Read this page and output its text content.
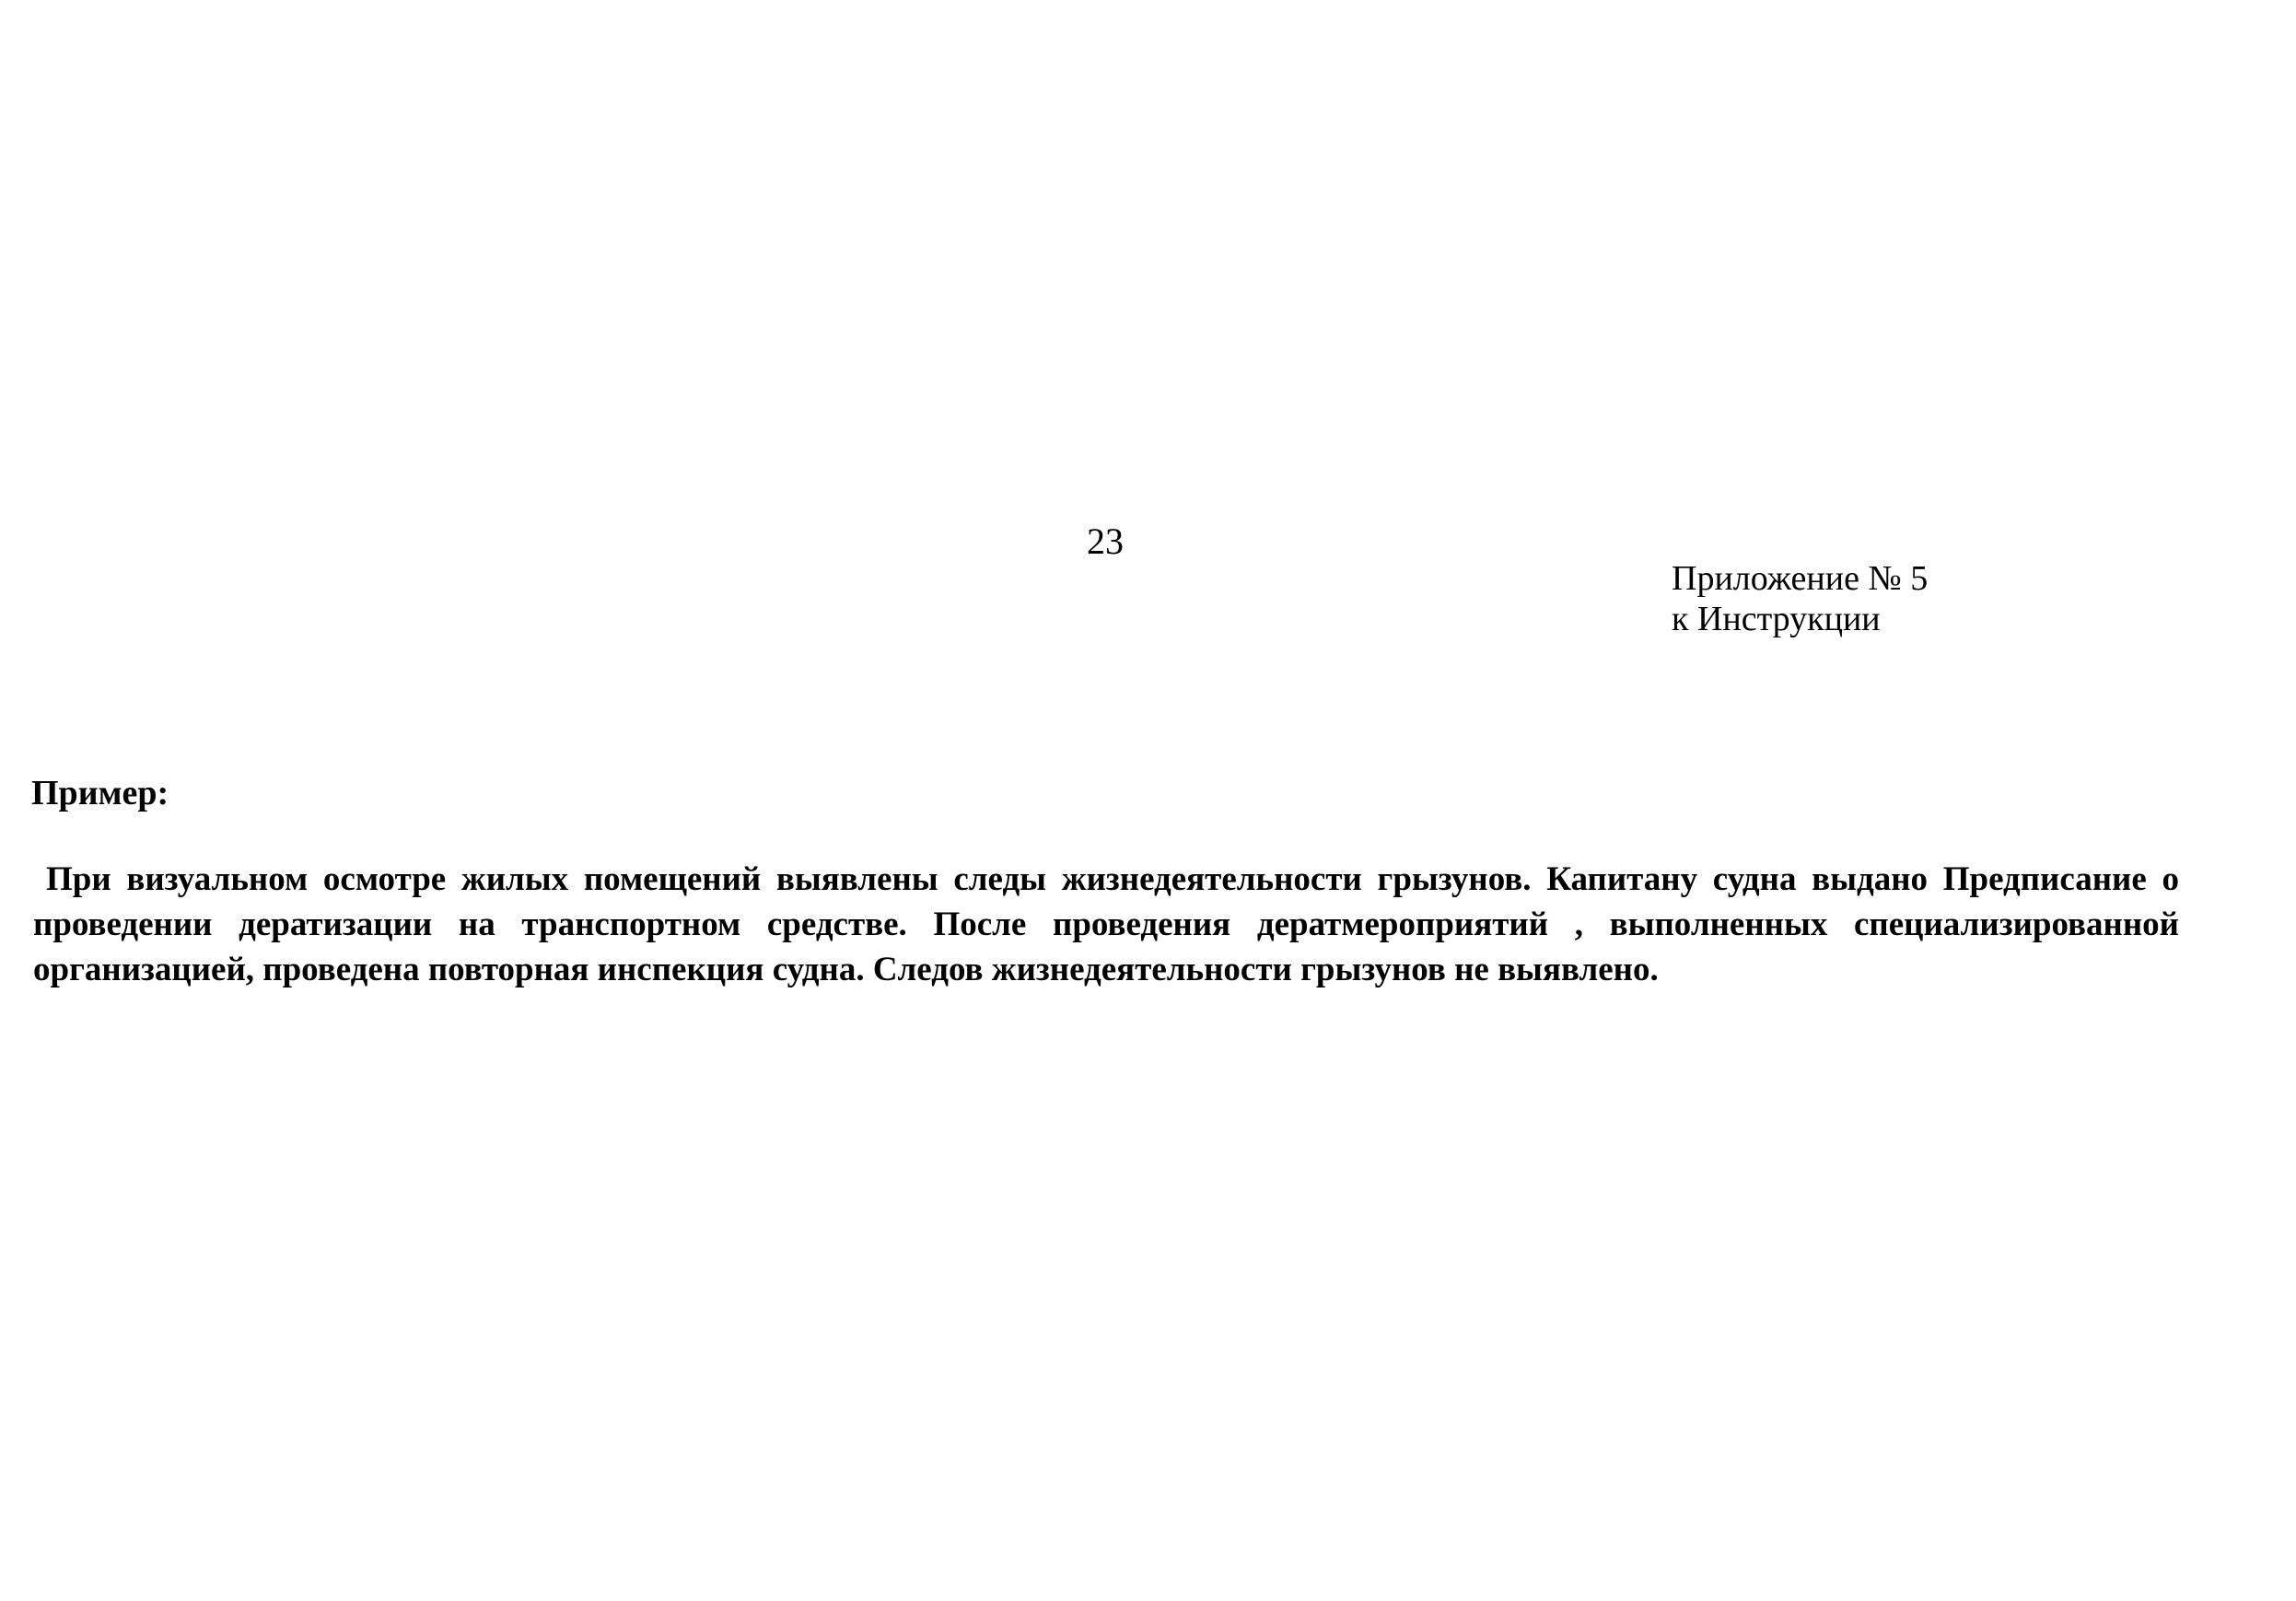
23
Приложение № 5
к Инструкции
Пример:
При визуальном осмотре жилых помещений выявлены следы жизнедеятельности грызунов. Капитану судна выдано Предписание о проведении дератизации на транспортном средстве. После проведения дератмероприятий , выполненных специализированной организацией, проведена повторная инспекция судна. Следов жизнедеятельности грызунов не выявлено.
